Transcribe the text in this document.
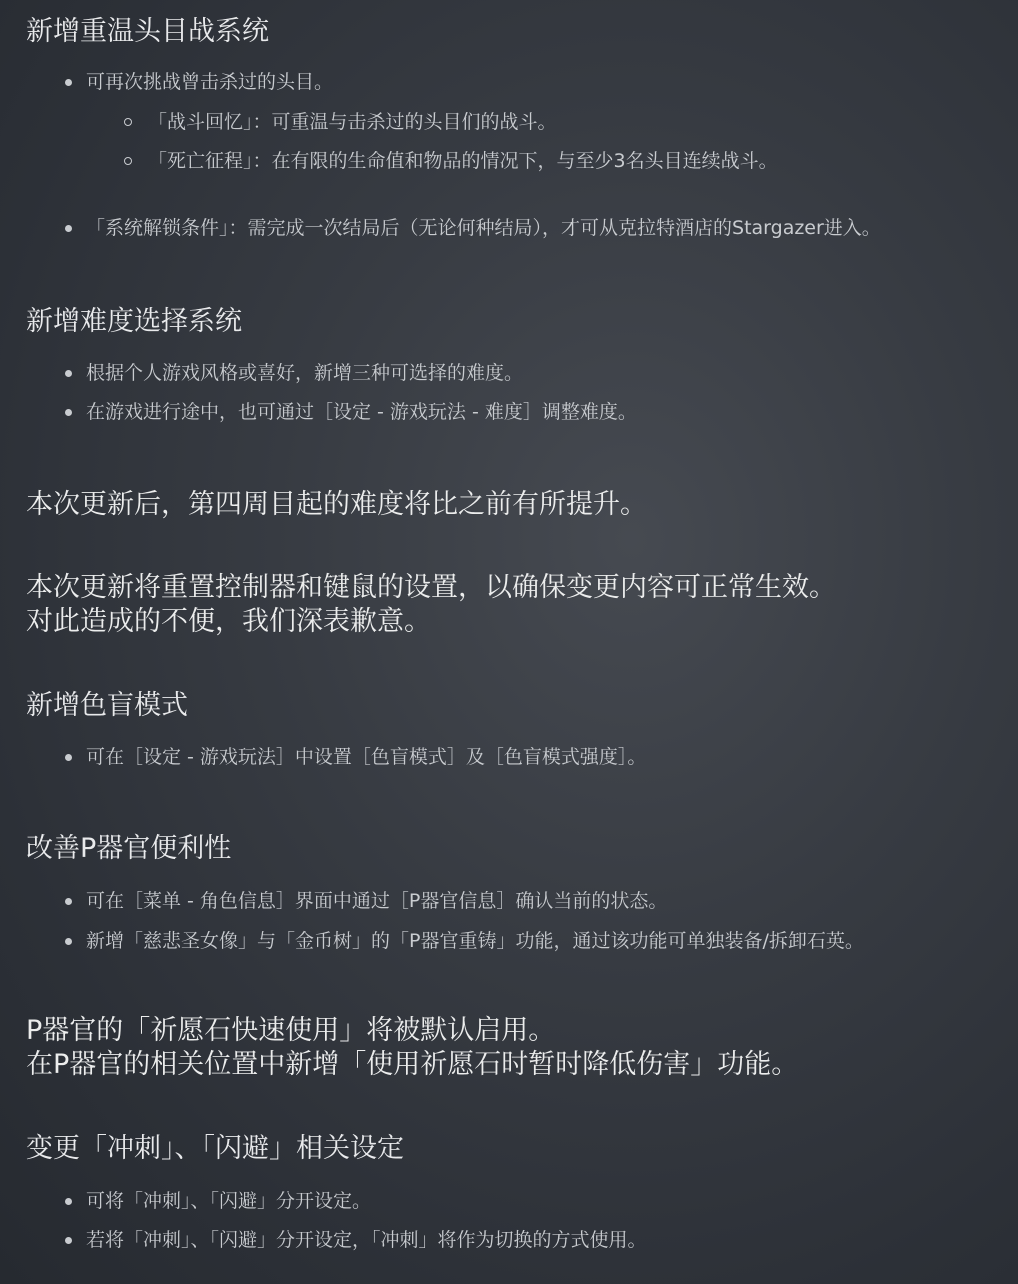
新增重温头目战系统
可再次挑战曾击杀过的头目。
「战斗回忆」：可重温与击杀过的头目们的战斗。
「死亡征程」：在有限的生命值和物品的情况下，与至少3名头目连续战斗。
「系统解锁条件」：需完成一次结局后（无论何种结局），才可从克拉特酒店的Stargazer进入。
新增难度选择系统
根据个人游戏风格或喜好，新增三种可选择的难度。
在游戏进行途中，也可通过［设定 - 游戏玩法 - 难度］调整难度。

本次更新后，第四周目起的难度将比之前有所提升。

本次更新将重置控制器和键鼠的设置，以确保变更内容可正常生效。

对此造成的不便，我们深表歉意。

新增色盲模式
可在［设定 - 游戏玩法］中设置［色盲模式］及［色盲模式强度］。
改善P器官便利性
可在［菜单 - 角色信息］界面中通过［P器官信息］确认当前的状态。
新增「慈悲圣女像」与「金币树」的「P器官重铸」功能，通过该功能可单独装备/拆卸石英。

P器官的「祈愿石快速使用」将被默认启用。

在P器官的相关位置中新增「使用祈愿石时暂时降低伤害」功能。

变更「冲刺」、「闪避」相关设定
可将「冲刺」、「闪避」分开设定。
若将「冲刺」、「闪避」分开设定，「冲刺」将作为切换的方式使用。
